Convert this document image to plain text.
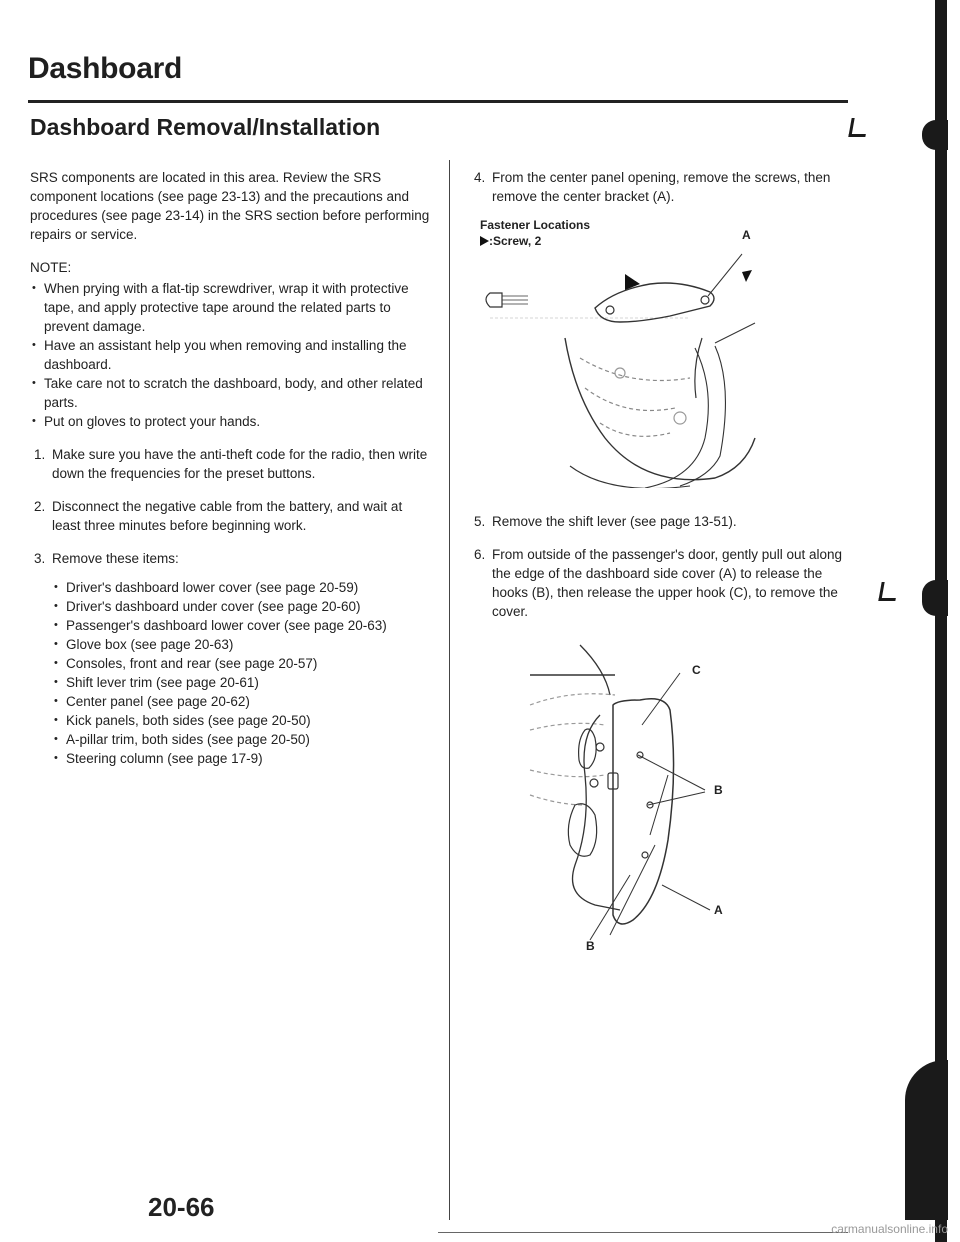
Dashboard
Dashboard Removal/Installation

SRS components are located in this area. Review the SRS component locations (see page 23-13) and the precautions and procedures (see page 23-14) in the SRS section before performing repairs or service.

NOTE:
• When prying with a flat-tip screwdriver, wrap it with protective tape, and apply protective tape around the related parts to prevent damage.
• Have an assistant help you when removing and installing the dashboard.
• Take care not to scratch the dashboard, body, and other related parts.
• Put on gloves to protect your hands.
1. Make sure you have the anti-theft code for the radio, then write down the frequencies for the preset buttons.
2. Disconnect the negative cable from the battery, and wait at least three minutes before beginning work.
3. Remove these items:
• Driver's dashboard lower cover (see page 20-59)
• Driver's dashboard under cover (see page 20-60)
• Passenger's dashboard lower cover (see page 20-63)
• Glove box (see page 20-63)
• Consoles, front and rear (see page 20-57)
• Shift lever trim (see page 20-61)
• Center panel (see page 20-62)
• Kick panels, both sides (see page 20-50)
• A-pillar trim, both sides (see page 20-50)
• Steering column (see page 17-9)
4. From the center panel opening, remove the screws, then remove the center bracket (A).
Fastener Locations
:Screw, 2	A
5. Remove the shift lever (see page 13-51).
6. From outside of the passenger's door, gently pull out along the edge of the dashboard side cover (A) to release the hooks (B), then release the upper hook (C), to remove the cover.
C
B
A
B
20-66
carmanualsonline.info
